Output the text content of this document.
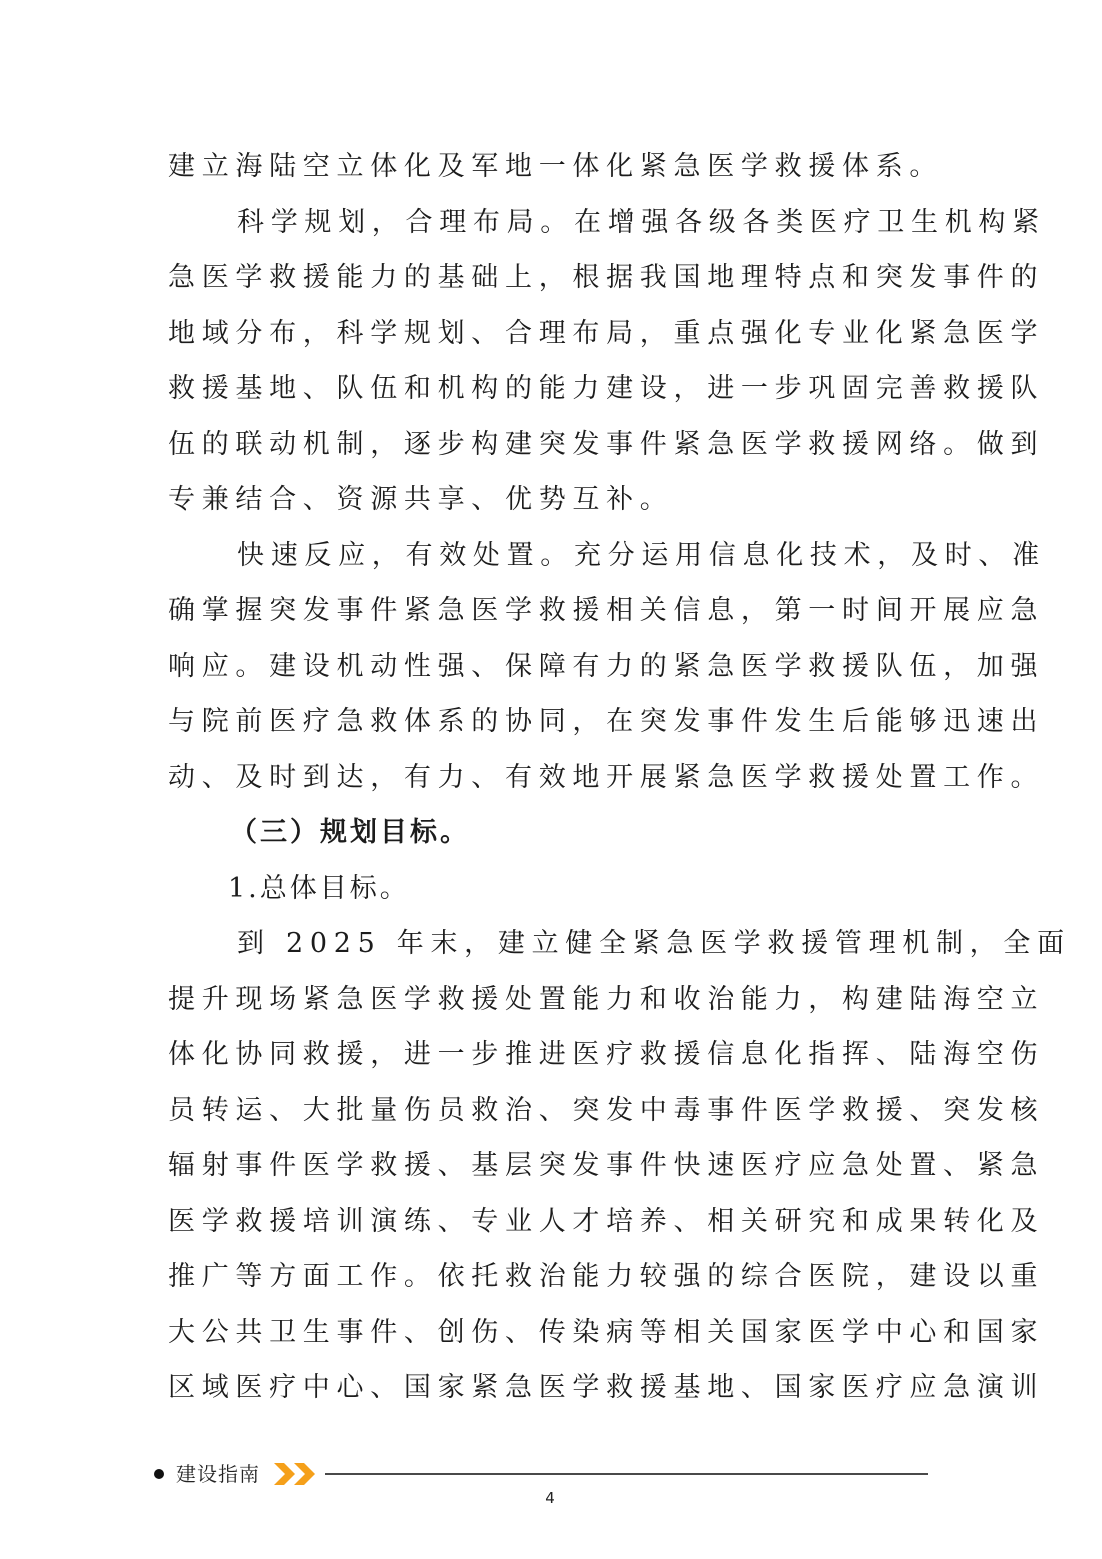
建立海陆空立体化及军地一体化紧急医学救援体系。
科学规划，合理布局。在增强各级各类医疗卫生机构紧
急医学救援能力的基础上，根据我国地理特点和突发事件的
地域分布，科学规划、合理布局，重点强化专业化紧急医学
救援基地、队伍和机构的能力建设，进一步巩固完善救援队
伍的联动机制，逐步构建突发事件紧急医学救援网络。做到
专兼结合、资源共享、优势互补。
快速反应，有效处置。充分运用信息化技术，及时、准
确掌握突发事件紧急医学救援相关信息，第一时间开展应急
响应。建设机动性强、保障有力的紧急医学救援队伍，加强
与院前医疗急救体系的协同，在突发事件发生后能够迅速出
动、及时到达，有力、有效地开展紧急医学救援处置工作。
（三）规划目标。
1.总体目标。
到 2025 年末，建立健全紧急医学救援管理机制，全面
提升现场紧急医学救援处置能力和收治能力，构建陆海空立
体化协同救援，进一步推进医疗救援信息化指挥、陆海空伤
员转运、大批量伤员救治、突发中毒事件医学救援、突发核
辐射事件医学救援、基层突发事件快速医疗应急处置、紧急
医学救援培训演练、专业人才培养、相关研究和成果转化及
推广等方面工作。依托救治能力较强的综合医院，建设以重
大公共卫生事件、创伤、传染病等相关国家医学中心和国家
区域医疗中心、国家紧急医学救援基地、国家医疗应急演训
建设指南
4
